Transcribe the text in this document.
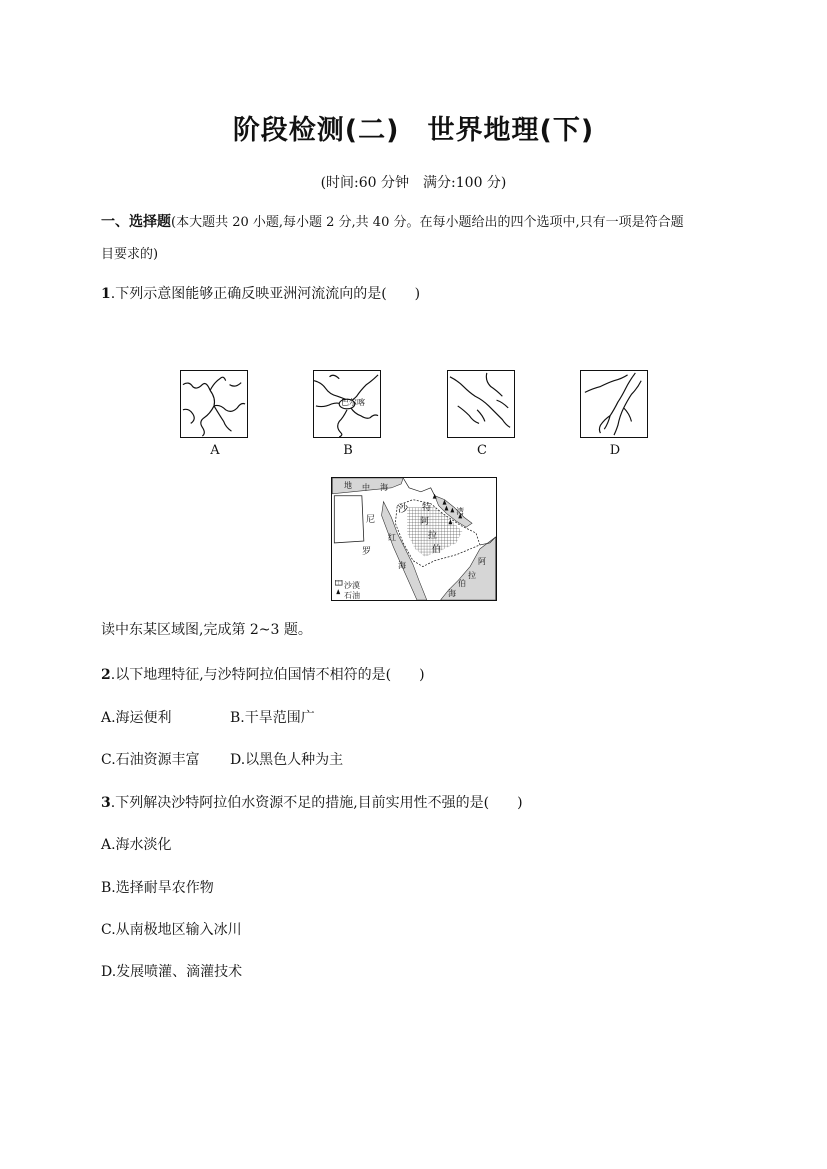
阶段检测(二)　世界地理(下)
(时间:60 分钟　满分:100 分)
一、选择题(本大题共 20 小题,每小题 2 分,共 40 分。在每小题给出的四个选项中,只有一项是符合题
目要求的)
1.下列示意图能够正确反映亚洲河流流向的是(　　)
A
巴尔喀
B	C	D
地 中 海
沙 特
阿
拉
伯
尼
罗
红
海	阿
拉
伯
海
湾
沙漠
石油
读中东某区域图,完成第 2~3 题。
2.以下地理特征,与沙特阿拉伯国情不相符的是(　　)
A.海运便利	B.干旱范围广
C.石油资源丰富 D.以黑色人种为主
3.下列解决沙特阿拉伯水资源不足的措施,目前实用性不强的是(　　)
A.海水淡化
B.选择耐旱农作物
C.从南极地区输入冰川
D.发展喷灌、滴灌技术
